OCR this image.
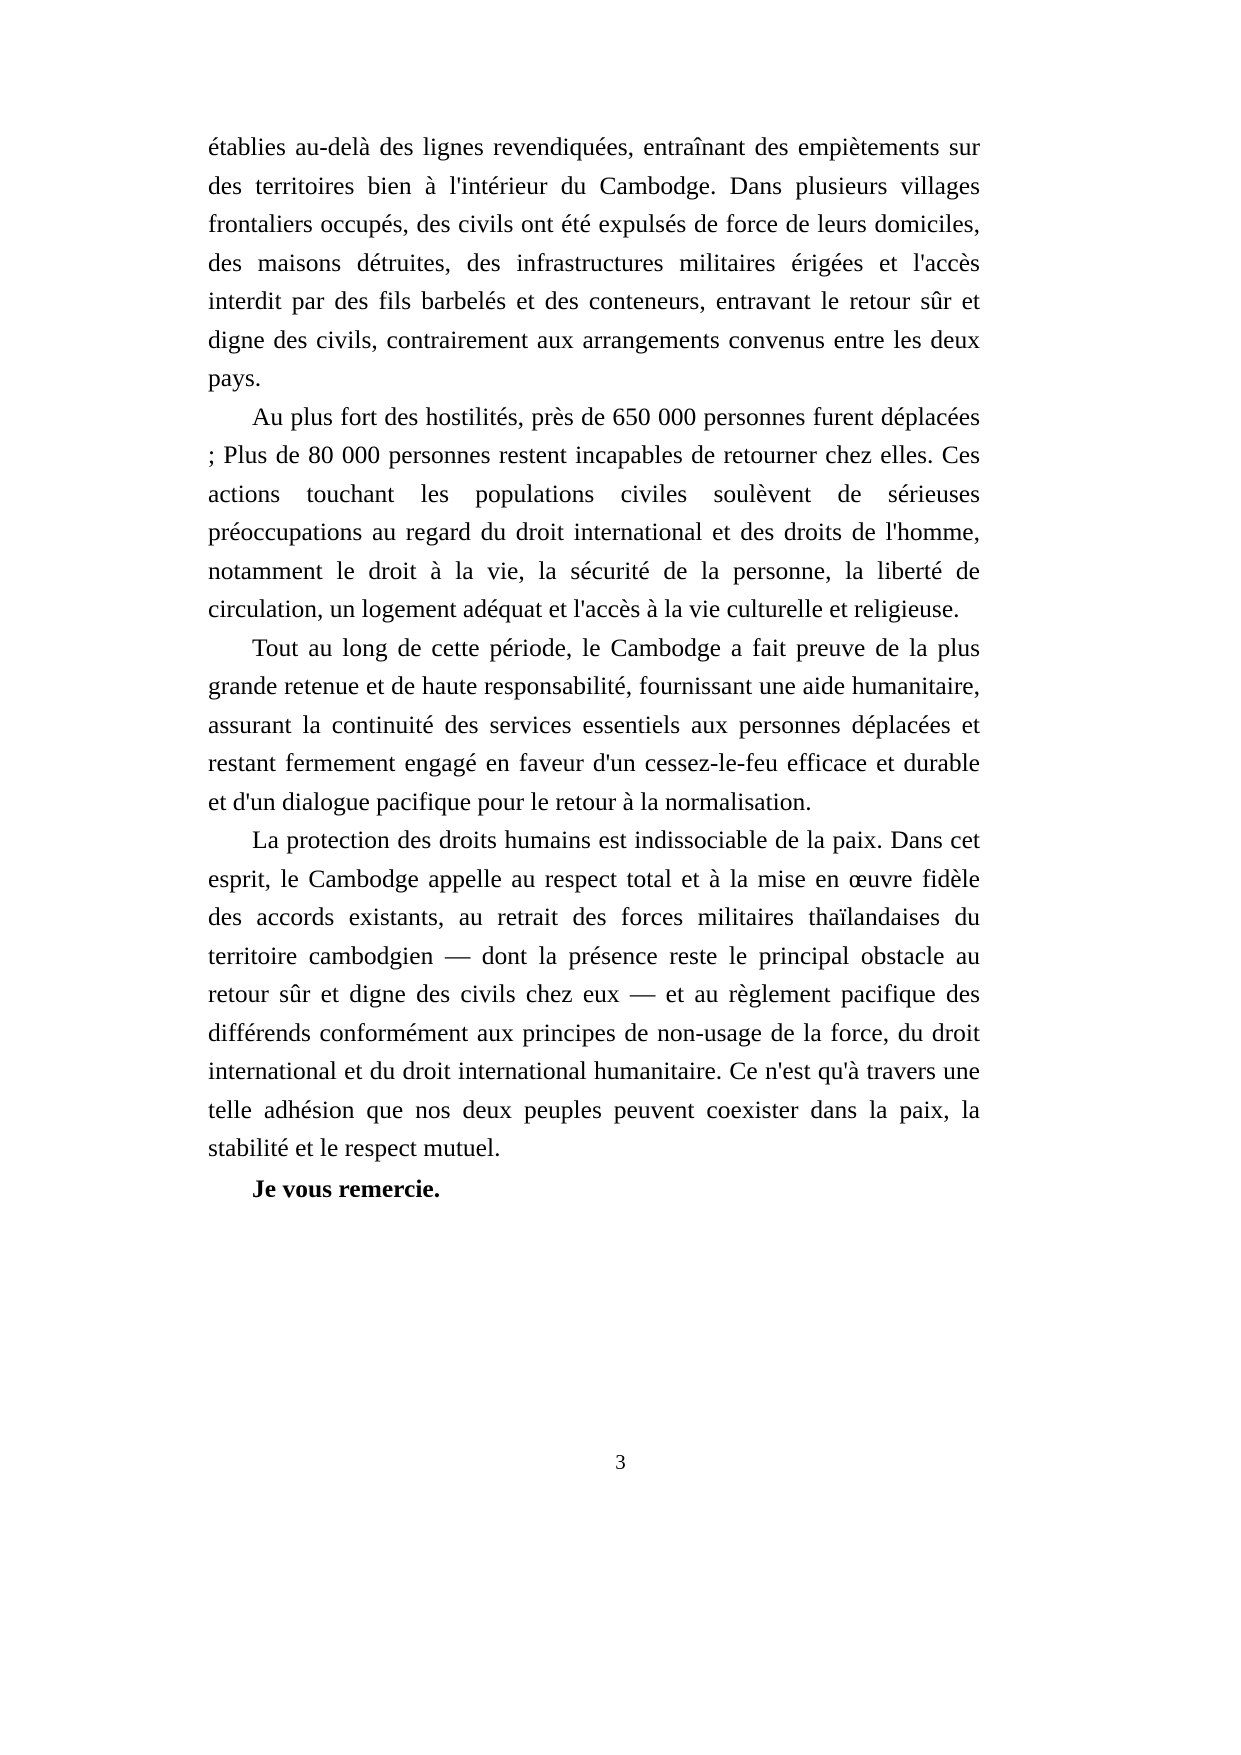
établies au-delà des lignes revendiquées, entraînant des empiètements sur des territoires bien à l'intérieur du Cambodge. Dans plusieurs villages frontaliers occupés, des civils ont été expulsés de force de leurs domiciles, des maisons détruites, des infrastructures militaires érigées et l'accès interdit par des fils barbelés et des conteneurs, entravant le retour sûr et digne des civils, contrairement aux arrangements convenus entre les deux pays.

Au plus fort des hostilités, près de 650 000 personnes furent déplacées ; Plus de 80 000 personnes restent incapables de retourner chez elles. Ces actions touchant les populations civiles soulèvent de sérieuses préoccupations au regard du droit international et des droits de l'homme, notamment le droit à la vie, la sécurité de la personne, la liberté de circulation, un logement adéquat et l'accès à la vie culturelle et religieuse.

Tout au long de cette période, le Cambodge a fait preuve de la plus grande retenue et de haute responsabilité, fournissant une aide humanitaire, assurant la continuité des services essentiels aux personnes déplacées et restant fermement engagé en faveur d'un cessez-le-feu efficace et durable et d'un dialogue pacifique pour le retour à la normalisation.

La protection des droits humains est indissociable de la paix. Dans cet esprit, le Cambodge appelle au respect total et à la mise en œuvre fidèle des accords existants, au retrait des forces militaires thaïlandaises du territoire cambodgien — dont la présence reste le principal obstacle au retour sûr et digne des civils chez eux — et au règlement pacifique des différends conformément aux principes de non-usage de la force, du droit international et du droit international humanitaire. Ce n'est qu'à travers une telle adhésion que nos deux peuples peuvent coexister dans la paix, la stabilité et le respect mutuel.

Je vous remercie.

3
